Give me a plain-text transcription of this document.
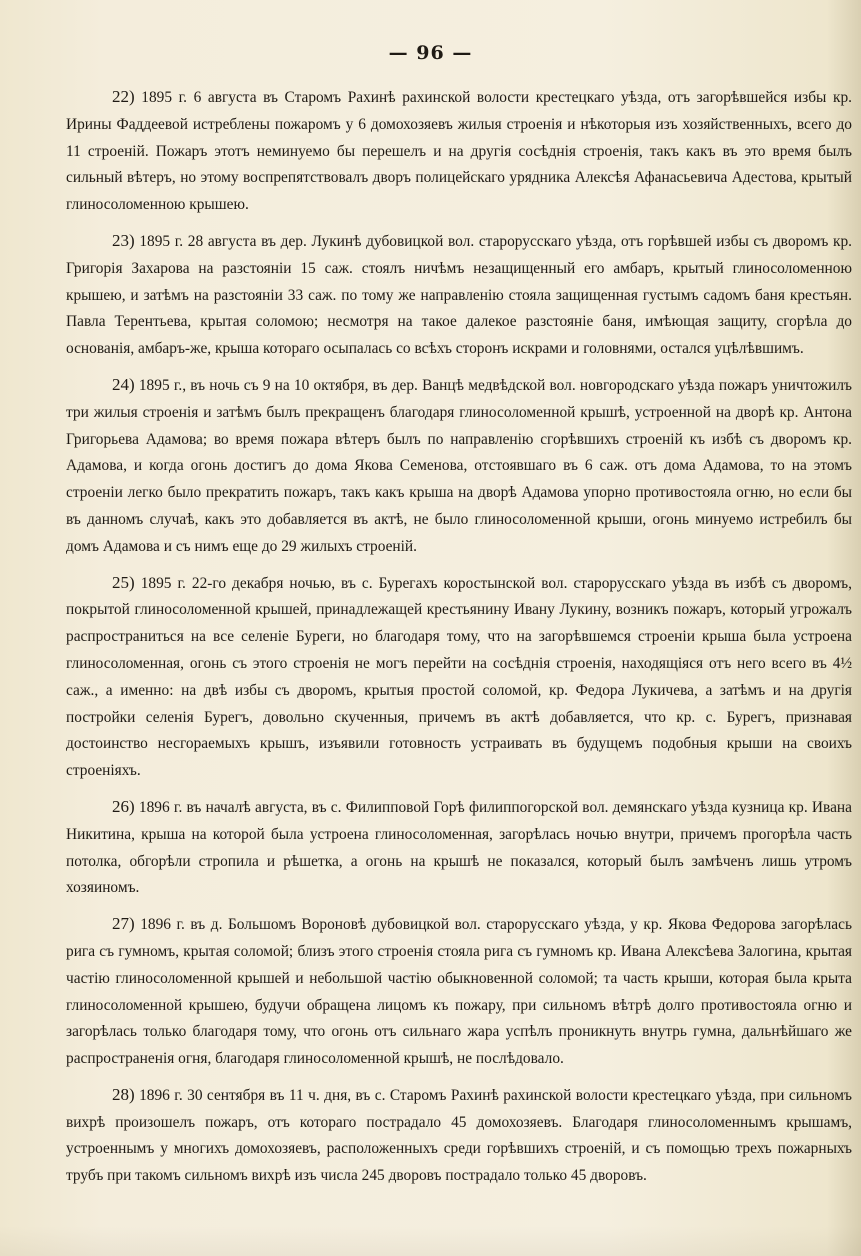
— 96 —

22) 1895 г. 6 августа въ Старомъ Рахинѣ рахинской волости крестецкаго уѣзда, отъ загорѣвшейся избы кр. Ирины Фаддеевой истреблены пожаромъ у 6 домохозяевъ жилыя строенія и нѣкоторыя изъ хозяйственныхъ, всего до 11 строеній. Пожаръ этотъ неминуемо бы перешелъ и на другія сосѣднія строенія, такъ какъ въ это время былъ сильный вѣтеръ, но этому воспрепятствовалъ дворъ полицейскаго урядника Алексѣя Афанасьевича Адестова, крытый глиносоломенною крышею.

23) 1895 г. 28 августа въ дер. Лукинѣ дубовицкой вол. старорусскаго уѣзда, отъ горѣвшей избы съ дворомъ кр. Григорія Захарова на разстояніи 15 саж. стоялъ ничѣмъ незащищенный его амбаръ, крытый глиносоломенною крышею, и затѣмъ на разстояніи 33 саж. по тому же направленію стояла защищенная густымъ садомъ баня крестьян. Павла Терентьева, крытая соломою; несмотря на такое далекое разстояніе баня, имѣющая защиту, сгорѣла до основанія, амбаръ-же, крыша котораго осыпалась со всѣхъ сторонъ искрами и головнями, остался уцѣлѣвшимъ.

24) 1895 г., въ ночь съ 9 на 10 октября, въ дер. Ванцѣ медвѣдской вол. новгородскаго уѣзда пожаръ уничтожилъ три жилыя строенія и затѣмъ былъ прекращенъ благодаря глиносоломенной крышѣ, устроенной на дворѣ кр. Антона Григорьева Адамова; во время пожара вѣтеръ былъ по направленію сгорѣвшихъ строеній къ избѣ съ дворомъ кр. Адамова, и когда огонь достигъ до дома Якова Семенова, отстоявшаго въ 6 саж. отъ дома Адамова, то на этомъ строеніи легко было прекратить пожаръ, такъ какъ крыша на дворѣ Адамова упорно противостояла огню, но если бы въ данномъ случаѣ, какъ это добавляется въ актѣ, не было глиносоломенной крыши, огонь минуемо истребилъ бы домъ Адамова и съ нимъ еще до 29 жилыхъ строеній.

25) 1895 г. 22-го декабря ночью, въ с. Бурегахъ коростынской вол. старорусскаго уѣзда въ избѣ съ дворомъ, покрытой глиносоломенной крышей, принадлежащей крестьянину Ивану Лукину, возникъ пожаръ, который угрожалъ распространиться на все селеніе Буреги, но благодаря тому, что на загорѣвшемся строеніи крыша была устроена глиносоломенная, огонь съ этого строенія не могъ перейти на сосѣднія строенія, находящіяся отъ него всего въ 4½ саж., а именно: на двѣ избы съ дворомъ, крытыя простой соломой, кр. Федора Лукичева, а затѣмъ и на другія постройки селенія Бурегъ, довольно скученныя, причемъ въ актѣ добавляется, что кр. с. Бурегъ, признавая достоинство несгораемыхъ крышъ, изъявили готовность устраивать въ будущемъ подобныя крыши на своихъ строеніяхъ.

26) 1896 г. въ началѣ августа, въ с. Филипповой Горѣ филиппогорской вол. демянскаго уѣзда кузница кр. Ивана Никитина, крыша на которой была устроена глиносоломенная, загорѣлась ночью внутри, причемъ прогорѣла часть потолка, обгорѣли стропила и рѣшетка, а огонь на крышѣ не показался, который былъ замѣченъ лишь утромъ хозяиномъ.

27) 1896 г. въ д. Большомъ Вороновѣ дубовицкой вол. старорусскаго уѣзда, у кр. Якова Федорова загорѣлась рига съ гумномъ, крытая соломой; близъ этого строенія стояла рига съ гумномъ кр. Ивана Алексѣева Залогина, крытая частію глиносоломенной крышей и небольшой частію обыкновенной соломой; та часть крыши, которая была крыта глиносоломенной крышею, будучи обращена лицомъ къ пожару, при сильномъ вѣтрѣ долго противостояла огню и загорѣлась только благодаря тому, что огонь отъ сильнаго жара успѣлъ проникнуть внутрь гумна, дальнѣйшаго же распространенія огня, благодаря глиносоломенной крышѣ, не послѣдовало.

28) 1896 г. 30 сентября въ 11 ч. дня, въ с. Старомъ Рахинѣ рахинской волости крестецкаго уѣзда, при сильномъ вихрѣ произошелъ пожаръ, отъ котораго пострадало 45 домохозяевъ. Благодаря глиносоломеннымъ крышамъ, устроеннымъ у многихъ домохозяевъ, расположенныхъ среди горѣвшихъ строеній, и съ помощью трехъ пожарныхъ трубъ при такомъ сильномъ вихрѣ изъ числа 245 дворовъ пострадало только 45 дворовъ.
